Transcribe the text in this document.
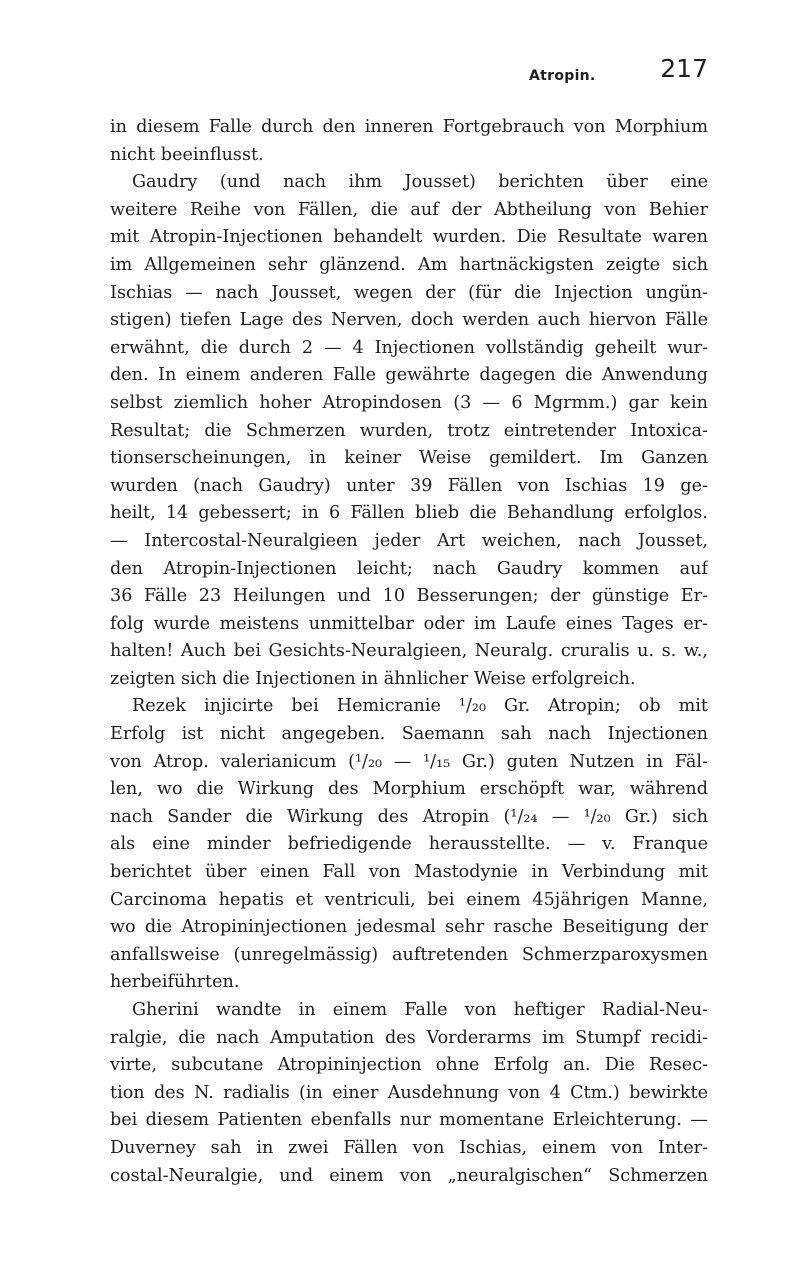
Atropin.	217
in diesem Falle durch den inneren Fortgebrauch von Morphium
nicht beeinflusst.
Gaudry (und nach ihm Jousset) berichten über eine
weitere Reihe von Fällen, die auf der Abtheilung von Behier
mit Atropin-Injectionen behandelt wurden. Die Resultate waren
im Allgemeinen sehr glänzend. Am hartnäckigsten zeigte sich
Ischias — nach Jousset, wegen der (für die Injection ungün-
stigen) tiefen Lage des Nerven, doch werden auch hiervon Fälle
erwähnt, die durch 2 — 4 Injectionen vollständig geheilt wur-
den. In einem anderen Falle gewährte dagegen die Anwendung
selbst ziemlich hoher Atropindosen (3 — 6 Mgrmm.) gar kein
Resultat; die Schmerzen wurden, trotz eintretender Intoxica-
tionserscheinungen, in keiner Weise gemildert. Im Ganzen
wurden (nach Gaudry) unter 39 Fällen von Ischias 19 ge-
heilt, 14 gebessert; in 6 Fällen blieb die Behandlung erfolglos.
— Intercostal-Neuralgieen jeder Art weichen, nach Jousset,
den Atropin-Injectionen leicht; nach Gaudry kommen auf
36 Fälle 23 Heilungen und 10 Besserungen; der günstige Er-
folg wurde meistens unmittelbar oder im Laufe eines Tages er-
halten! Auch bei Gesichts-Neuralgieen, Neuralg. cruralis u. s. w.,
zeigten sich die Injectionen in ähnlicher Weise erfolgreich.
Rezek injicirte bei Hemicranie ¹/₂₀ Gr. Atropin; ob mit
Erfolg ist nicht angegeben. Saemann sah nach Injectionen
von Atrop. valerianicum (¹/₂₀ — ¹/₁₅ Gr.) guten Nutzen in Fäl-
len, wo die Wirkung des Morphium erschöpft war, während
nach Sander die Wirkung des Atropin (¹/₂₄ — ¹/₂₀ Gr.) sich
als eine minder befriedigende herausstellte. — v. Franque
berichtet über einen Fall von Mastodynie in Verbindung mit
Carcinoma hepatis et ventriculi, bei einem 45jährigen Manne,
wo die Atropininjectionen jedesmal sehr rasche Beseitigung der
anfallsweise (unregelmässig) auftretenden Schmerzparoxysmen
herbeiführten.
Gherini wandte in einem Falle von heftiger Radial-Neu-
ralgie, die nach Amputation des Vorderarms im Stumpf recidi-
virte, subcutane Atropininjection ohne Erfolg an. Die Resec-
tion des N. radialis (in einer Ausdehnung von 4 Ctm.) bewirkte
bei diesem Patienten ebenfalls nur momentane Erleichterung. —
Duverney sah in zwei Fällen von Ischias, einem von Inter-
costal-Neuralgie, und einem von „neuralgischen“ Schmerzen
